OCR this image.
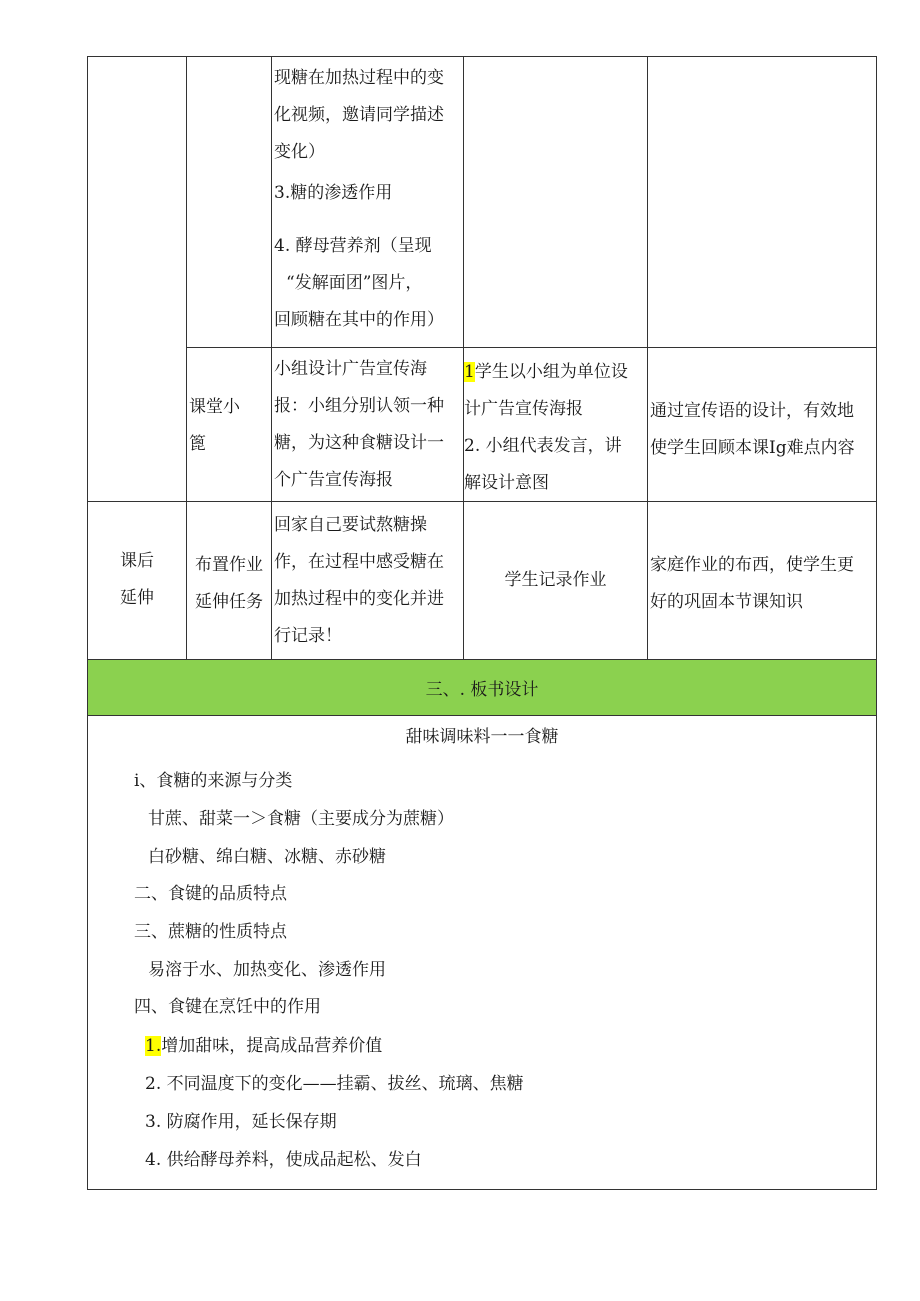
现糖在加热过程中的变
化视频，邀请同学描述
变化）
3.糖的渗透作用
4. 酵母营养剂（呈现
“发解面团”图片，
回顾糖在其中的作用）
课堂小
篦
小组设计广告宣传海
报：小组分别认领一种
糖，为这种食糖设计一
个广告宣传海报
1学生以小组为单位设
计广告宣传海报
2. 小组代表发言，讲
解设计意图
通过宣传语的设计，有效地
使学生回顾本课Ig难点内容
课后
延伸
布置作业
延伸任务
回家自己要试熬糖操
作，在过程中感受糖在
加热过程中的变化并进
行记录！
学生记录作业
家庭作业的布西，使学生更
好的巩固本节课知识
三、. 板书设计
甜味调味料一一食糖
i、食糖的来源与分类
甘蔗、甜菜一＞食糖（主要成分为蔗糖）
白砂糖、绵白糖、冰糖、赤砂糖
二、食键的品质特点
三、蔗糖的性质特点
易溶于水、加热变化、渗透作用
四、食键在烹饪中的作用
1.增加甜味，提高成品营养价值
2. 不同温度下的变化——挂霸、拔丝、琉璃、焦糖
3. 防腐作用，延长保存期
4. 供给酵母养料，使成品起松、发白
